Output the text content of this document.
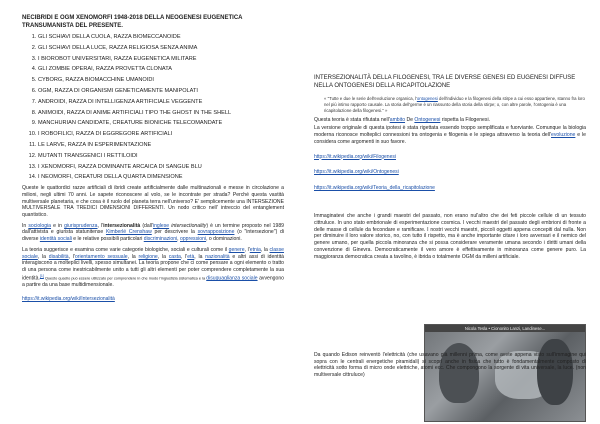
NECIBRIDI E OGM XENOMORFI 1948-2018 DELLA NEOGENESI EUGENETICA TRANSUMANISTA DEL PRESENTE.
1. GLI SCHIAVI DELLA CUOLA, RAZZA BIOMECCANOIDE
2. GLI SCHIAVI DELLA LUCE, RAZZA RELIGIOSA SENZA ANIMA
3. I BIOROBOT UNIVERSITARI, RAZZA EUGENETICA MILITARE
4. GLI ZOMBIE OPERAI, RAZZA PROVETTA CLONATA
5. CYBORG, RAZZA BIOMACCHINE UMANOIDI
6. OGM, RAZZA DI ORGANISMI GENETICAMENTE MANIPOLATI
7. ANDROIDI, RAZZA DI INTELLIGENZA ARTIFICIALE VEGGENTE
8. ANIMOIDI, RAZZA DI ANIME ARTIFICIALI TIPO THE GHOST IN THE SHELL
9. MANCHURIAN CANDIDATE, CREATURE BIONICHE TELECOMANDATE
10. I ROBOFILICI, RAZZA DI EGGREGORE ARTIFICIALI
11. LE LARVE, RAZZA IN ESPERIMENTAZIONE
12. MUTANTI TRANSGENICI I RETTILOIDI
13. I XENOMORFI, RAZZA DOMINANTE ARCAICA DI SANGUE BLU
14. I NEOMORFI, CREATURI DELLA QUARTA DIMENSIONE

Queste le quattordici razze artificiali di ibridi create artificialmente dalle multinazionali e messe in circolazione a milioni, negli ultimi 70 anni. Le sapete riconoscere al volo, se le incontrate per strada? Perché questa vastità multiversale planetaria, e che cosa è il ruolo del pianeta terra nell'universo? E' semplicemente una INTERSEZIONE MULTIVERSALE TRA TREDICI DIMENSIONI DIFFERENTI. Un nodo critico nell' intreccio del entanglement quantistico.

In sociologia e in giurisprudenza, l'intersezionalità (dall'inglese intersectionality) è un termine proposto nel 1989 dall'attivista e giurista statunitense Kimberlé Crenshaw per descrivere la sovrapposizione (o "intersezione") di diverse identità sociali e le relative possibili particolari discriminazioni, oppressioni, o dominazioni.

La teoria suggerisce e esamina come varie categorie biologiche, sociali e culturali come il genere, l'etnia, la classe sociale, la disabilità, l'orientamento sessuale, la religione, la casta, l'età, la nazionalità e altri assi di identità interagiscono a molteplici livelli, spesso simultanei. La teoria propone che ci come pensare a ogni elemento o tratto di una persona come inestricabilmente unito a tutti gli altri elementi per poter comprendere completamente la sua identità.[1] Questo quadro può essere utilizzato per comprendere in che modo l'ingiustizia sistematica e la disuguaglianza sociale avvengono a partire da una base multidimensionale.

https://it.wikipedia.org/wiki/Intersezionalità
INTERSEZIONALITÀ DELLA FILOGENESI, TRA LE DIVERSE GENESI ED EUGENESI DIFFUSE NELLA ONTOGENESI DELLA RICAPITOLAZIONE
« "Tutte e due le serie dell'evoluzione organica, l'ontogenesi dell'individuo e la filogenesi della stirpe a cui esso appartiene, stanno fra loro nel più intimo rapporto causale. La storia dell'germe è un riassunto della storia della stirpe; o, con altre parole, l'ontogenia è una ricapitolazione della filogenesi." »

Questa teoria è stata rifiutata nell'ambito De Ontogenesi rispetta la Filogenesi.

La versione originale di questa ipotesi è stata rigettata essendo troppo semplificata e fuorviante. Comunque la biologia moderna riconosce molteplici connessioni tra ontogenia e filogenia e le spiega attraverso la teoria dell'evoluzione e le considera come argomenti in suo favore.

https://it.wikipedia.org/wiki/Filogenesi
https://it.wikipedia.org/wiki/Ontogenesi
https://it.wikipedia.org/wiki/Teoria_della_ricapitolazione

Immaginatevi che anche i grandi maestri del passato, non erano nul'altro che dei feti piccole cellule di un tessuto cittruluce. In uno stato embrionale di esperimentazione cosmica. I vecchi maestri del passato degli embrioni di fronte a delle masse di cellule da fecondare e ramificare. I nostri vecchi maestri, piccoli oggetti appena concepiti dal nulla. Non per diminuire il loro valore storico, no, con tutto il rispetto, ma è anche importante citare i loro avversari e il nemico del genere umano, per quella piccola minoranza che si possa considerare veramente umana secondo i diritti umani della convenzione di Ginevra. Democraticamente il vero amore è effettivamente in minoranza come genere puro. La maggioranza democratica creata a tavolino, è ibrida o totalmente OGM da milleni artificiale.

Nicola Tesla • Ciononito Lanzi, Landinese...
Da quando Edison reinventò l'elettricità (che usavano già millenni prima, come avete appena visto sull'immagine qui sopra con le centrali energetiche piramidali) si scoprì anche in fisica che tutto è fondamentalmente composto di elettricità sotto forma di micro onde elettriche, atomi ecc. Che compongono la sorgente di vita universale, la luce. (non multiversale cittruluce)
